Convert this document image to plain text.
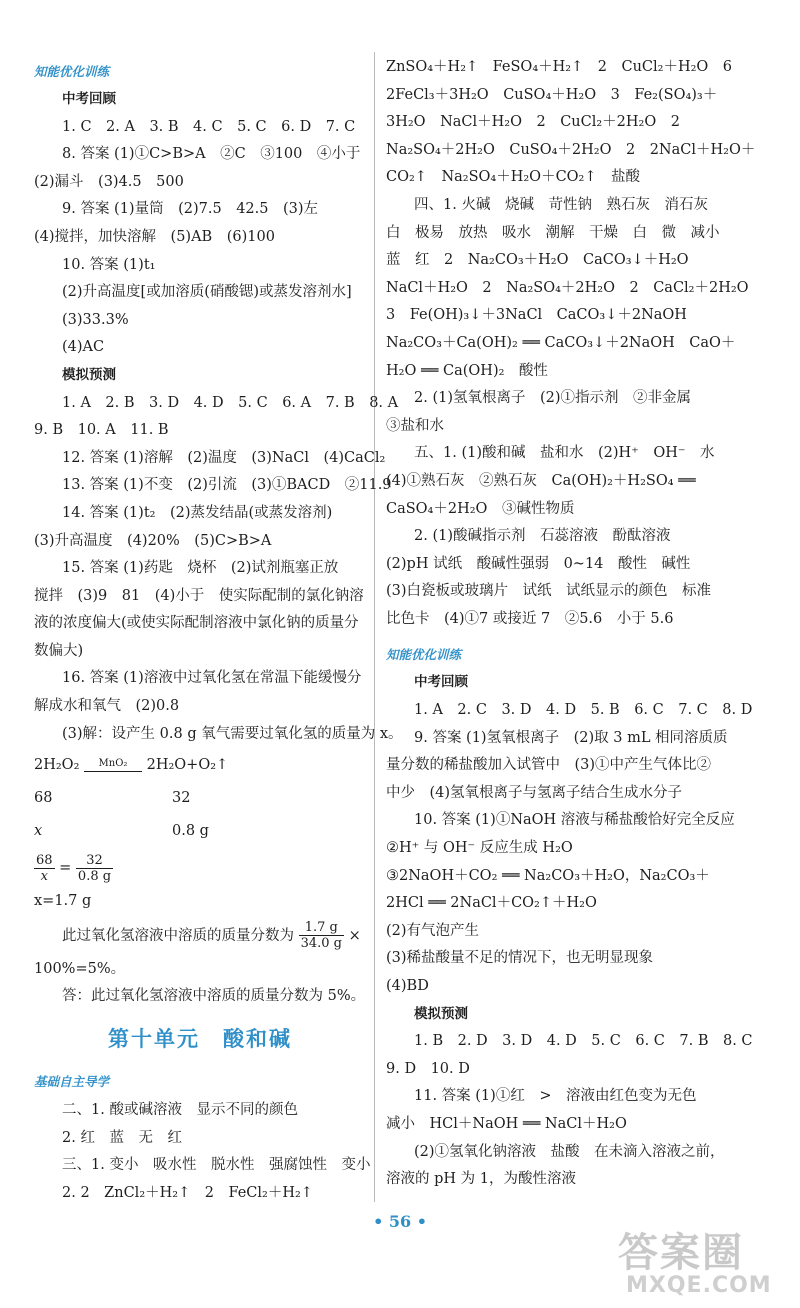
知能优化训练
中考回顾
1. C　2. A　3. B　4. C　5. C　6. D　7. C
8. 答案 (1)①C>B>A　②C　③100　④小于
(2)漏斗　(3)4.5　500
9. 答案 (1)量筒　(2)7.5　42.5　(3)左
(4)搅拌，加快溶解　(5)AB　(6)100
10. 答案 (1)t₁
(2)升高温度[或加溶质(硝酸锶)或蒸发溶剂水]
(3)33.3%
(4)AC
模拟预测
1. A　2. B　3. D　4. D　5. C　6. A　7. B　8. A
9. B　10. A　11. B
12. 答案 (1)溶解　(2)温度　(3)NaCl　(4)CaCl₂
13. 答案 (1)不变　(2)引流　(3)①BACD　②11.9
14. 答案 (1)t₂　(2)蒸发结晶(或蒸发溶剂)
(3)升高温度　(4)20%　(5)C>B>A
15. 答案 (1)药匙　烧杯　(2)试剂瓶塞正放
搅拌　(3)9　81　(4)小于　使实际配制的氯化钠溶
液的浓度偏大(或使实际配制溶液中氯化钠的质量分
数偏大)
16. 答案 (1)溶液中过氧化氢在常温下能缓慢分
解成水和氧气　(2)0.8
(3)解：设产生 0.8 g 氧气需要过氧化氢的质量为 x。
2H₂O₂	MnO₂	2H₂O+O₂↑
68	32
x	0.8 g
$\frac{68}{x} = \frac{32}{0.8 g}$
x=1.7 g
此过氧化氢溶液中溶质的质量分数为 $\frac{1.7 g}{34.0 g}$ ×
100%=5%。
答：此过氧化氢溶液中溶质的质量分数为 5%。
第十单元　酸和碱
基础自主导学
二、1. 酸或碱溶液　显示不同的颜色
2. 红　蓝　无　红
三、1. 变小　吸水性　脱水性　强腐蚀性　变小
2. 2　ZnCl₂＋H₂↑　2　FeCl₂＋H₂↑
ZnSO₄＋H₂↑　FeSO₄＋H₂↑　2　CuCl₂＋H₂O　6
2FeCl₃＋3H₂O　CuSO₄＋H₂O　3　Fe₂(SO₄)₃＋
3H₂O　NaCl＋H₂O　2　CuCl₂＋2H₂O　2
Na₂SO₄＋2H₂O　CuSO₄＋2H₂O　2　2NaCl＋H₂O＋
CO₂↑　Na₂SO₄＋H₂O＋CO₂↑　盐酸
四、1. 火碱　烧碱　苛性钠　熟石灰　消石灰
白　极易　放热　吸水　潮解　干燥　白　微　减小
蓝　红　2　Na₂CO₃＋H₂O　CaCO₃↓＋H₂O
NaCl＋H₂O　2　Na₂SO₄＋2H₂O　2　CaCl₂＋2H₂O
3　Fe(OH)₃↓＋3NaCl　CaCO₃↓＋2NaOH
Na₂CO₃＋Ca(OH)₂ ══ CaCO₃↓＋2NaOH　CaO＋
H₂O ══ Ca(OH)₂　酸性
2. (1)氢氧根离子　(2)①指示剂　②非金属
③盐和水
五、1. (1)酸和碱　盐和水　(2)H⁺　OH⁻　水
(4)①熟石灰　②熟石灰　Ca(OH)₂＋H₂SO₄ ══
CaSO₄＋2H₂O　③碱性物质
2. (1)酸碱指示剂　石蕊溶液　酚酞溶液
(2)pH 试纸　酸碱性强弱　0~14　酸性　碱性
(3)白瓷板或玻璃片　试纸　试纸显示的颜色　标准
比色卡　(4)①7 或接近 7　②5.6　小于 5.6
知能优化训练
中考回顾
1. A　2. C　3. D　4. D　5. B　6. C　7. C　8. D
9. 答案 (1)氢氧根离子　(2)取 3 mL 相同溶质质
量分数的稀盐酸加入试管中　(3)①中产生气体比②
中少　(4)氢氧根离子与氢离子结合生成水分子
10. 答案 (1)①NaOH 溶液与稀盐酸恰好完全反应
②H⁺ 与 OH⁻ 反应生成 H₂O
③2NaOH＋CO₂ ══ Na₂CO₃＋H₂O，Na₂CO₃＋
2HCl ══ 2NaCl＋CO₂↑＋H₂O
(2)有气泡产生
(3)稀盐酸量不足的情况下，也无明显现象
(4)BD
模拟预测
1. B　2. D　3. D　4. D　5. C　6. C　7. B　8. C
9. D　10. D
11. 答案 (1)①红　>　溶液由红色变为无色
减小　HCl＋NaOH ══ NaCl＋H₂O
(2)①氢氧化钠溶液　盐酸　在未滴入溶液之前，
溶液的 pH 为 1，为酸性溶液
• 56 •
答案圈
MXQE.COM
